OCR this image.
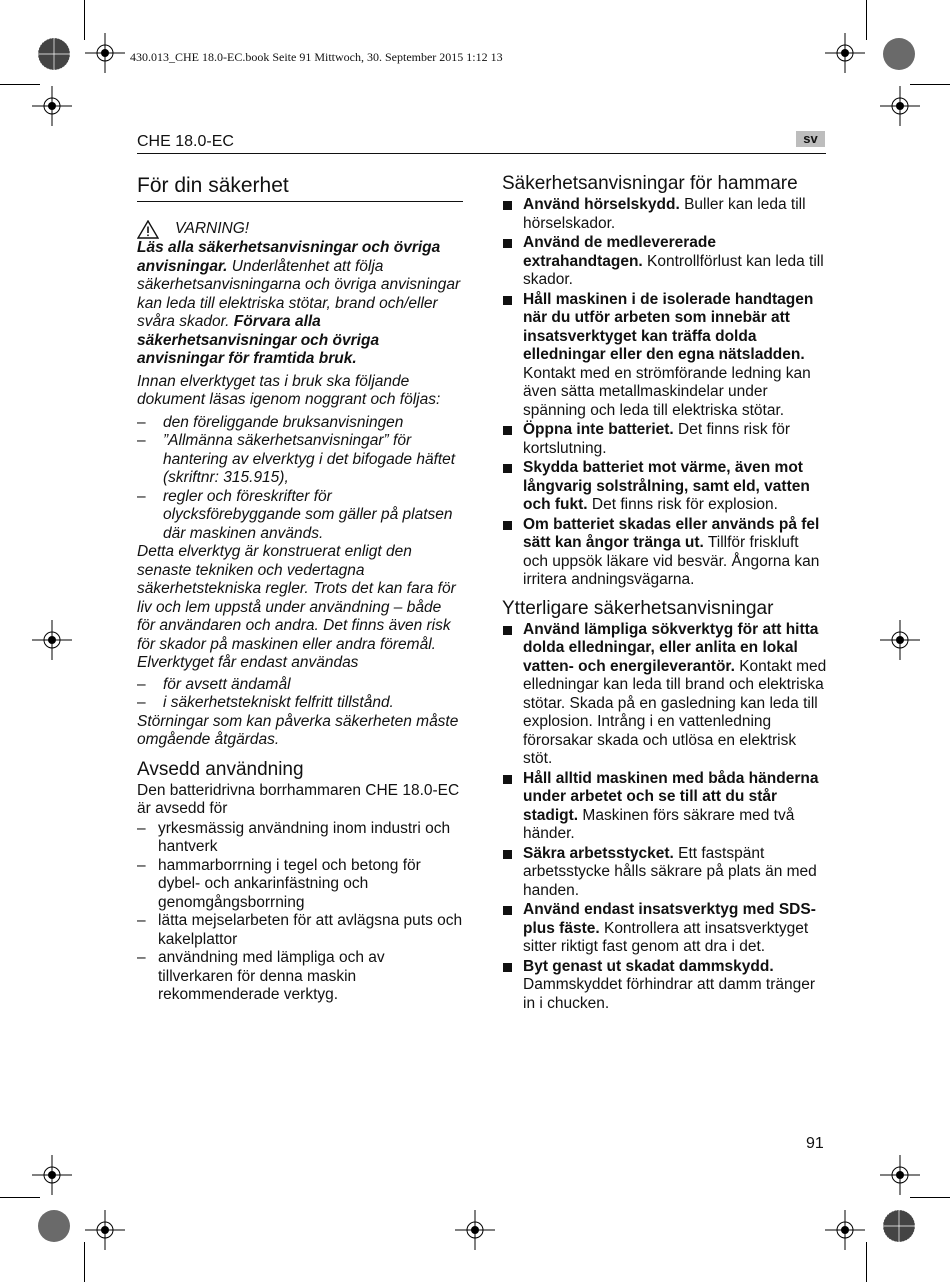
430.013_CHE 18.0-EC.book Seite 91 Mittwoch, 30. September 2015 1:12 13
CHE 18.0-EC	sv
För din säkerhet
VARNING!
Läs alla säkerhetsanvisningar och övriga anvisningar. Underlåtenhet att följa säkerhetsanvisningarna och övriga anvisningar kan leda till elektriska stötar, brand och/eller svåra skador. Förvara alla säkerhetsanvisningar och övriga anvisningar för framtida bruk.
Innan elverktyget tas i bruk ska följande dokument läsas igenom noggrant och följas:
– den föreliggande bruksanvisningen
– ”Allmänna säkerhetsanvisningar” för hantering av elverktyg i det bifogade häftet (skriftnr: 315.915),
– regler och föreskrifter för olycksförebyggande som gäller på platsen där maskinen används.
Detta elverktyg är konstruerat enligt den senaste tekniken och vedertagna säkerhetstekniska regler. Trots det kan fara för liv och lem uppstå under användning – både för användaren och andra. Det finns även risk för skador på maskinen eller andra föremål. Elverktyget får endast användas
– för avsett ändamål
– i säkerhetstekniskt felfritt tillstånd.
Störningar som kan påverka säkerheten måste omgående åtgärdas.
Avsedd användning
Den batteridrivna borrhammaren CHE 18.0-EC är avsedd för
– yrkesmässig användning inom industri och hantverk
– hammarborrning i tegel och betong för dybel- och ankarinfästning och genomgångsborrning
– lätta mejselarbeten för att avlägsna puts och kakelplattor
– användning med lämpliga och av tillverkaren för denna maskin rekommenderade verktyg.
Säkerhetsanvisningar för hammare
Använd hörselskydd. Buller kan leda till hörselskador.
Använd de medlevererade extrahandtagen. Kontrollförlust kan leda till skador.
Håll maskinen i de isolerade handtagen när du utför arbeten som innebär att insatsverktyget kan träffa dolda elledningar eller den egna nätsladden. Kontakt med en strömförande ledning kan även sätta metallmaskindelar under spänning och leda till elektriska stötar.
Öppna inte batteriet. Det finns risk för kortslutning.
Skydda batteriet mot värme, även mot långvarig solstrålning, samt eld, vatten och fukt. Det finns risk för explosion.
Om batteriet skadas eller används på fel sätt kan ångor tränga ut. Tillför friskluft och uppsök läkare vid besvär. Ångorna kan irritera andningsvägarna.
Ytterligare säkerhetsanvisningar
Använd lämpliga sökverktyg för att hitta dolda elledningar, eller anlita en lokal vatten- och energileverantör. Kontakt med elledningar kan leda till brand och elektriska stötar. Skada på en gasledning kan leda till explosion. Intrång i en vattenledning förorsakar skada och utlösa en elektrisk stöt.
Håll alltid maskinen med båda händerna under arbetet och se till att du står stadigt. Maskinen förs säkrare med två händer.
Säkra arbetsstycket. Ett fastspänt arbetsstycke hålls säkrare på plats än med handen.
Använd endast insatsverktyg med SDS-plus fäste. Kontrollera att insatsverktyget sitter riktigt fast genom att dra i det.
Byt genast ut skadat dammskydd. Dammskyddet förhindrar att damm tränger in i chucken.
91
